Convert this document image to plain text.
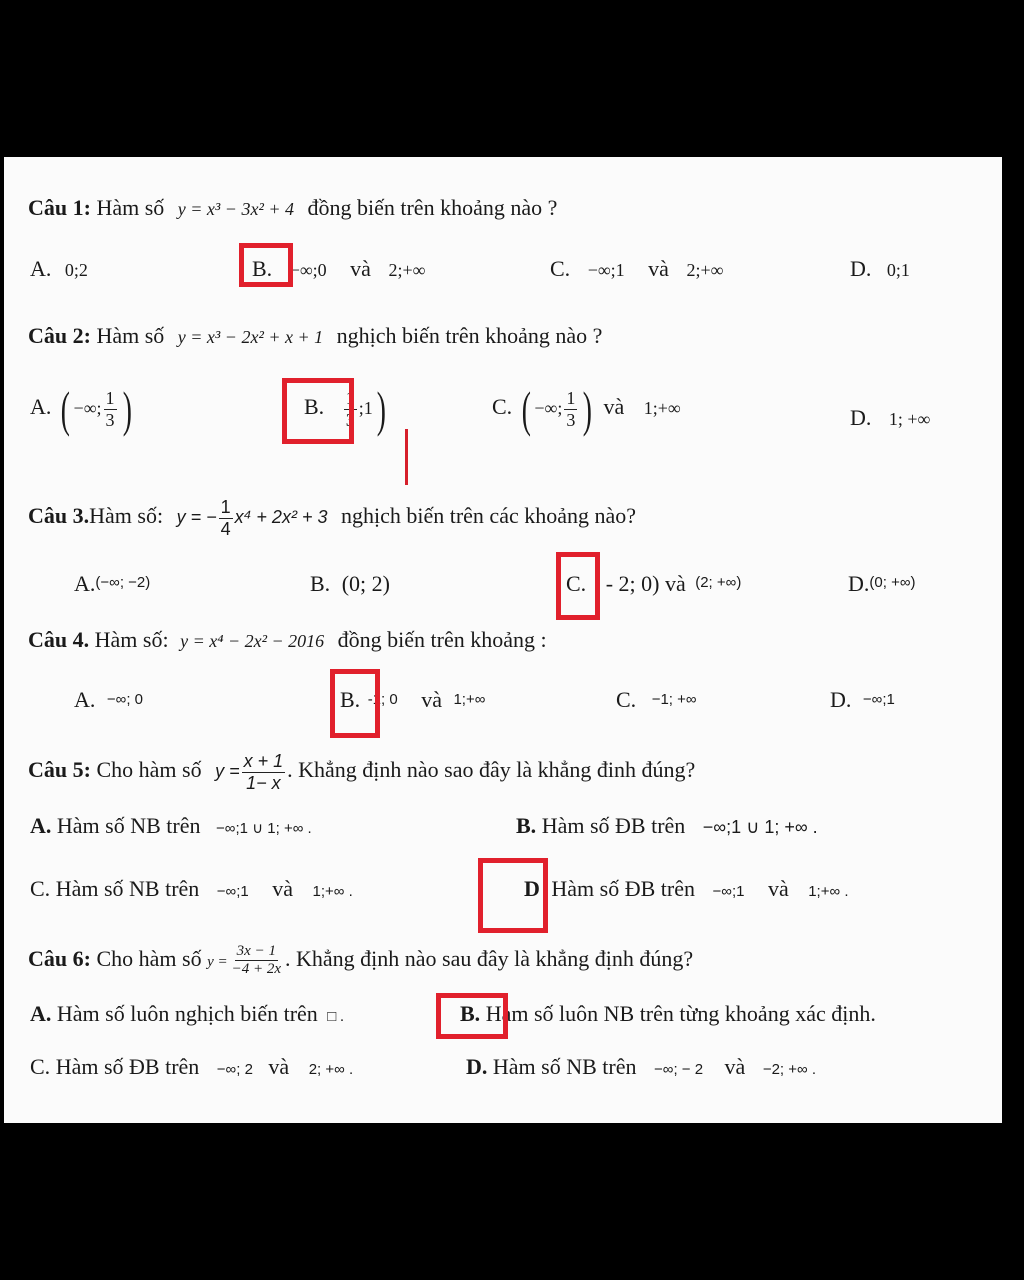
Câu 1: Hàm số y = x³ − 3x² + 4 đồng biến trên khoảng nào ?
A. 0;2	B. −∞;0 và 2;+∞	C. −∞;1 và 2;+∞	D. 0;1
Câu 2: Hàm số y = x³ − 2x² + x + 1 nghịch biến trên khoảng nào ?
A. ( −∞; $\frac{1}{3}$ )	B. $\frac{1}{3}$ ;1)	C. ( −∞; $\frac{1}{3}$ ) và 1;+∞	D. 1; +∞
Câu 3.Hàm số: y = − $\frac{1}{4} x^4 + 2x^2 + 3$ nghịch biến trên các khoảng nào?
A.(−∞; −2)	B. (0; 2)	C. - 2; 0) và (2; +∞)	D.(0; +∞)
Câu 4. Hàm số: y = x⁴ − 2x² − 2016 đồng biến trên khoảng :
A. −∞; 0	B. -1; 0 và 1;+∞	C. −1; +∞	D. −∞;1
Câu 5: Cho hàm số $y = \frac{x + 1}{1- x}$ . Khẳng định nào sao đây là khẳng đinh đúng?
A. Hàm số NB trên −∞;1 ∪ 1; +∞ .	B. Hàm số ĐB trên −∞;1 ∪ 1; +∞ .
C. Hàm số NB trên −∞;1 và 1;+∞ .	D Hàm số ĐB trên −∞;1 và 1;+∞ .
Câu 6: Cho hàm số $y = \frac{3x - 1}{-4 + 2x}$ . Khẳng định nào sau đây là khẳng định đúng?
A. Hàm số luôn nghịch biến trên □ .	B. Hàm số luôn NB trên từng khoảng xác định.
C. Hàm số ĐB trên −∞; 2 và 2; +∞ .	D. Hàm số NB trên −∞; − 2 và −2; +∞ .
